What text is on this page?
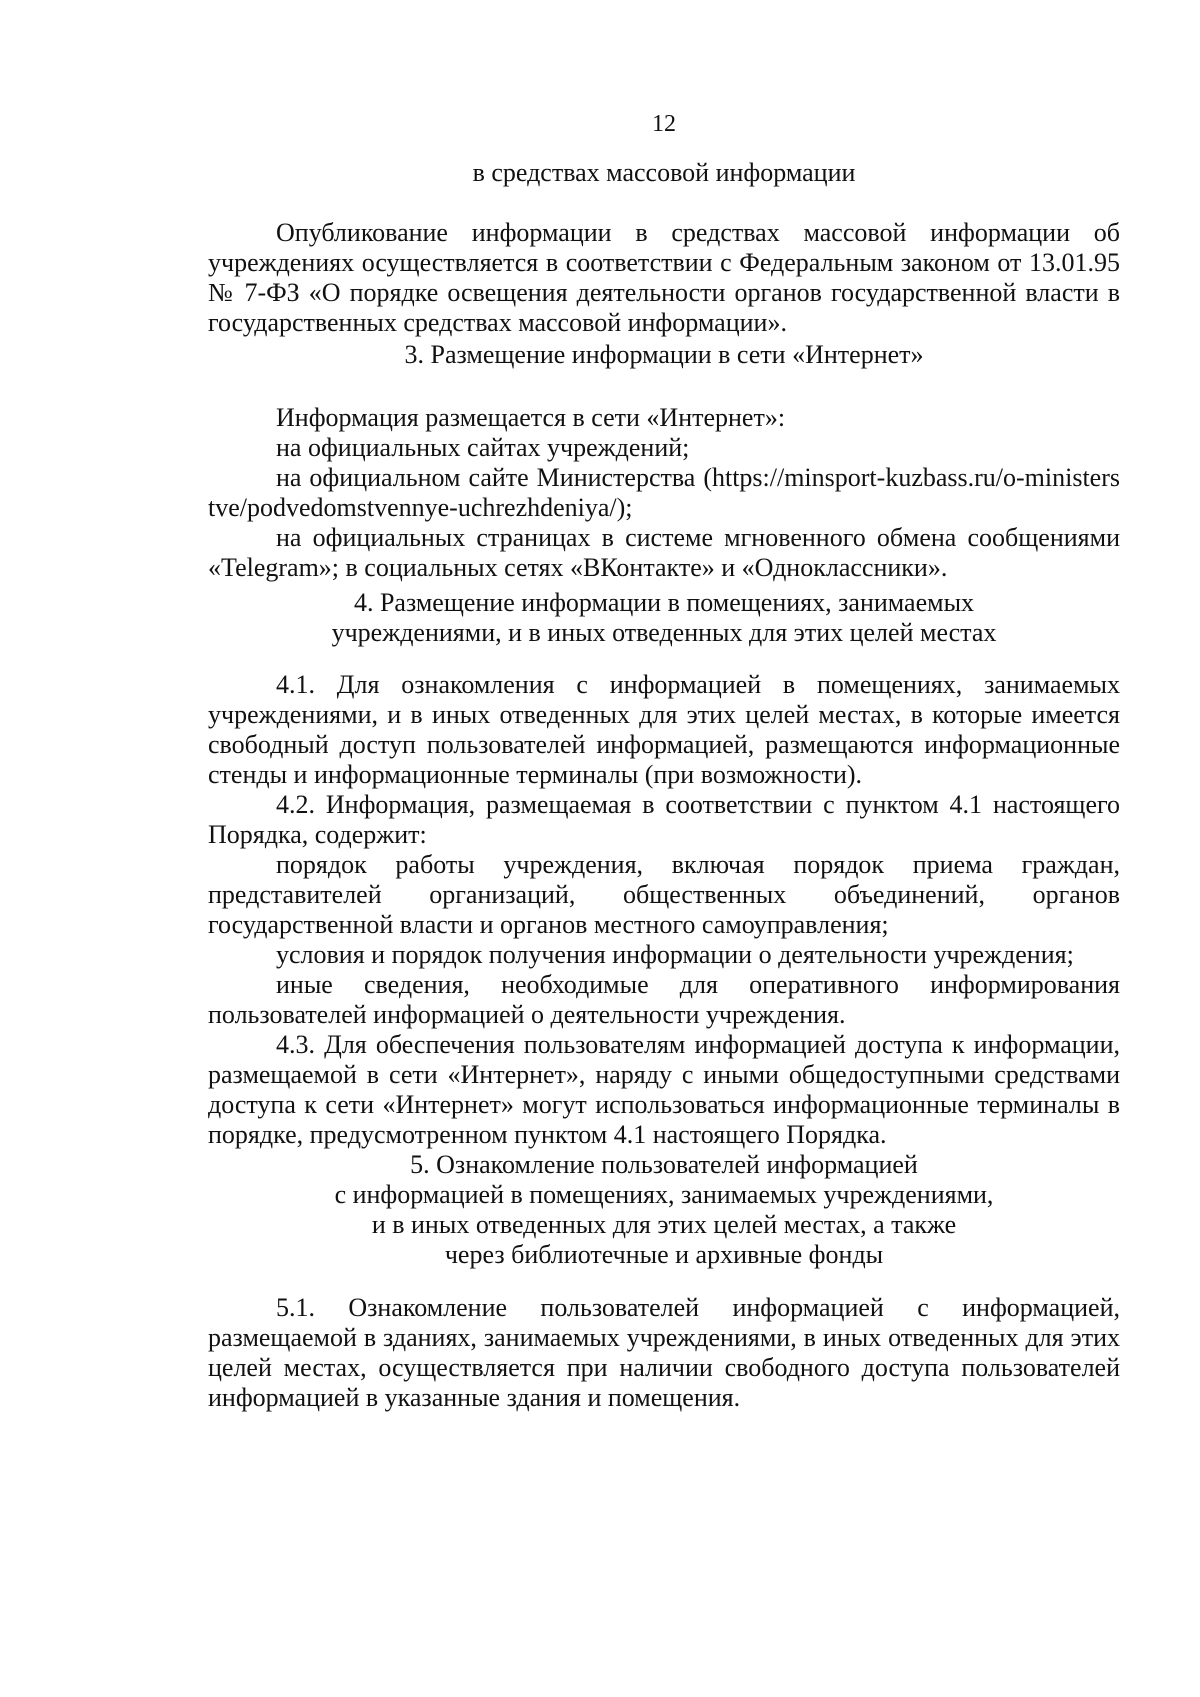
12
в средствах массовой информации

Опубликование информации в средствах массовой информации об учреждениях осуществляется в соответствии с Федеральным законом от 13.01.95 № 7-ФЗ «О порядке освещения деятельности органов государственной власти в государственных средствах массовой информации».

3. Размещение информации в сети «Интернет»

Информация размещается в сети «Интернет»:

на официальных сайтах учреждений;

на официальном сайте Министерства (https://minsport-kuzbass.ru/o-ministerstve/podvedomstvennye-uchrezhdeniya/);

на официальных страницах в системе мгновенного обмена сообщениями «Telegram»; в социальных сетях «ВКонтакте» и «Одноклассники».

4. Размещение информации в помещениях, занимаемых
учреждениями, и в иных отведенных для этих целей местах

4.1. Для ознакомления с информацией в помещениях, занимаемых учреждениями, и в иных отведенных для этих целей местах, в которые имеется свободный доступ пользователей информацией, размещаются информационные стенды и информационные терминалы (при возможности).

4.2. Информация, размещаемая в соответствии с пунктом 4.1 настоящего Порядка, содержит:

порядок работы учреждения, включая порядок приема граждан, представителей организаций, общественных объединений, органов государственной власти и органов местного самоуправления;

условия и порядок получения информации о деятельности учреждения;

иные сведения, необходимые для оперативного информирования пользователей информацией о деятельности учреждения.

4.3. Для обеспечения пользователям информацией доступа к информации, размещаемой в сети «Интернет», наряду с иными общедоступными средствами доступа к сети «Интернет» могут использоваться информационные терминалы в порядке, предусмотренном пунктом 4.1 настоящего Порядка.

5. Ознакомление пользователей информацией
с информацией в помещениях, занимаемых учреждениями,
и в иных отведенных для этих целей местах, а также
через библиотечные и архивные фонды

5.1. Ознакомление пользователей информацией с информацией, размещаемой в зданиях, занимаемых учреждениями, в иных отведенных для этих целей местах, осуществляется при наличии свободного доступа пользователей информацией в указанные здания и помещения.
